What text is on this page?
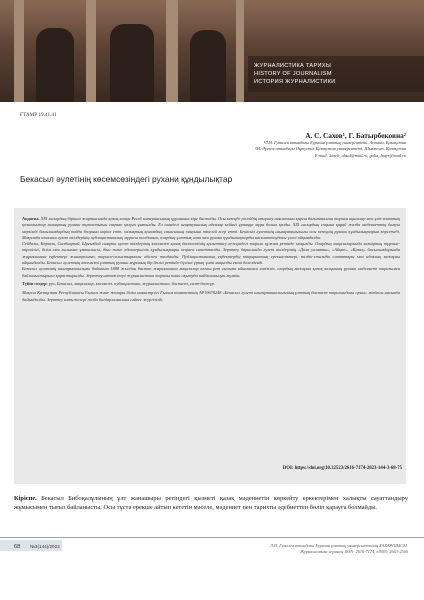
ЖУРНАЛИСТИКА ТАРИХЫ
HISTORY OF JOURNALISM
ИСТОРИЯ ЖУРНАЛИСТИКИ
ҒТАМР 19.41.41
А. С. Сахов¹, Г. Батырбековна²
¹Л.Н. Гумилев атындағы Еуразия ұлттық университеті, Астана, Қазақстан
²М. Әуезов атындағы Оңтүстік Қазақстан университеті, Шымкент, Қазақстан
E-mail: 2axeb_abzal@mail.ru, galia_batyr@mail.ru
Бекасыл әулетінің көсемсөзіндегі рухани құндылықтар

Аңдатпа. XIX ғасырдың бірінші жартысында қазақ халқы Ресей империясының құрамына кіре бастады. Осы кезеңде ресейдің отарлау саясатына қарсы бағытталған тарихи оқиғалар мен ұлт-азаттық қозғалыстар халықтың рухани тұтастығын сақтап қалуға ұмтылды. Ел ішіндегі ағартушылық идеялар кейінгі ұрпаққа мұра болып қалды. XIX ғасырдың соңына қарай жазба мәдениеттің дамуы мерзімді басылымдардың пайда болуына ықпал етіп, халықтың қоғамдық санасының оянуына тікелей әсер етті. Бекасыл әулетінің шығармашылығы осы кезеңнің рухани құндылықтарын көрсетеді. Мақалада аталған әулет өкілдерінің публицистикалық мұрасы талданып, олардың ұлттық сана мен рухани құндылықтарды насихаттаудағы үлесі айқындалды.

Сейдалы, Көркеш, Сыздықтай, Ырғызбай сияқты әулет өкілдерінің көсемсөзі қазақ баспасөзінің қалыптасу кезеңіндегі тарихи құжат ретінде маңызды. Олардың мақалаларында халықтың тұрмыс-тіршілігі, білім мен ғылымға ұмтылысы, діни және адамгершілік құндылықтары кеңінен сипатталды. Зерттеу барысында әулет өкілдерінің «Дала уәлаяты», «Айқап», «Қазақ» басылымдарында жарияланған еңбектері жинақталып, тарихи-салыстырмалы әдіспен талданды. Публицистикалық еңбектердің тақырыптық ерекшеліктері, тілдік-стильдік сипаттары мен идеялық мазмұны айқындалды. Бекасыл әулетінің көсемсөзі ұлттық рухани мұраның бір бөлігі ретінде бүгінгі ұрпақ үшін маңызды екені дәлелденді.

Бекасыл әулетінің шығармашылығы бойынша 1888 жылдан бастап жарияланған мақалалар алғаш рет ғылыми айналымға енгізіліп, олардың мазмұны қазақ халқының рухани мәдениеті тарихымен байланыстырыла қарастырылды. Зерттеу нәтижелері журналистика тарихы пәнін оқытуда пайдаланылуы мүмкін.

Түйін сөздер: рух, Бекасыл, мақалалар, көсемсөз, публицистика, журналистика, баспасөз, салт-дәстүр.

Мақала Қазақстан Республикасы Ғылым және жоғары білім министрлігі Ғылым комитетінің AP19678248 «Бекасыл әулеті шығармашылығының ұлттық баспасөз тарихындағы орны» жобасы аясында дайындалды. Зерттеу нәтижелері жоба бағдарламасына сәйкес жүргізілді.

DOI: https://doi.org/10.32523/2616-7174-2023-144-3-68-75
Кіріспе. Бекасыл Бибоқалұлының ұлт жанашыры ретіндегі қызметі қазақ мәдениетін көркейту еркектерімен халықты сауаттандыру жұмысымен тығыз байланысты. Осы тұста ерекше айтып кететін мәселе, мәдениет пен тарихты әдебиеттен бөліп қарауға болмайды.
68 №3(144)/2023	Л.Н. Гумилев атындағы Еуразия ұлттық университетінің ХАБАРШЫСЫ.
Журналистика сериясы ISSN: 2616-7174, eISSN: 2663-2500
